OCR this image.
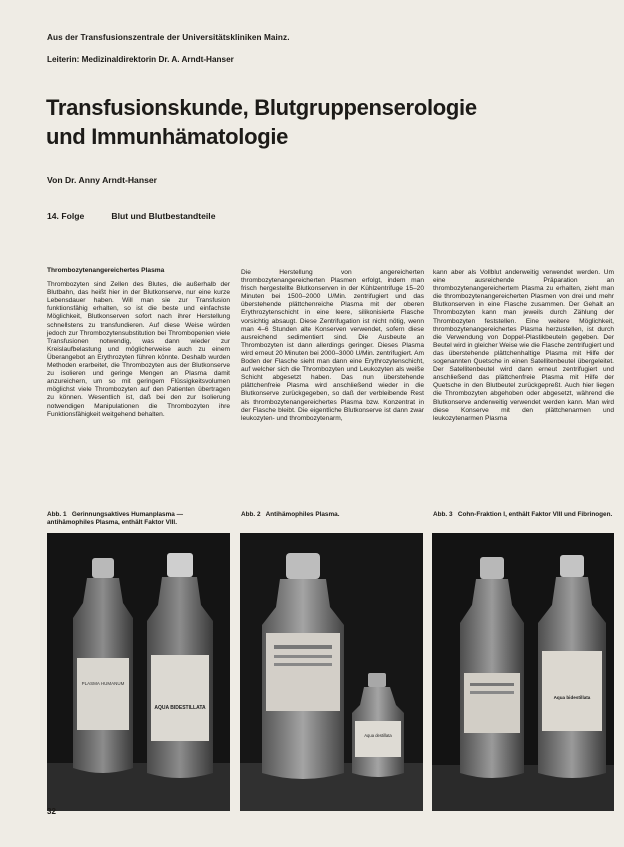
Aus der Transfusionszentrale der Universitätskliniken Mainz.
Leiterin: Medizinaldirektorin Dr. A. Arndt-Hanser
Transfusionskunde, Blutgruppenserologie
und Immunhämatologie
Von Dr. Anny Arndt-Hanser
14. Folge	Blut und Blutbestandteile

Thrombozytenangereichertes Plasma

Thrombozyten sind Zellen des Blutes, die außerhalb der Blutbahn, das heißt hier in der Blutkonserve, nur eine kurze Lebensdauer haben. Will man sie zur Transfusion funktionsfähig erhalten, so ist die beste und einfachste Möglichkeit, Blutkonserven sofort nach ihrer Herstellung schnellstens zu transfundieren. Auf diese Weise würden jedoch zur Thrombozytensubstitution bei Thrombopenien viele Transfusionen notwendig, was dann wieder zur Kreislaufbelastung und möglicherweise auch zu einem Überangebot an Erythrozyten führen könnte. Deshalb wurden Methoden erarbeitet, die Thrombozyten aus der Blutkonserve zu isolieren und geringe Mengen an Plasma damit anzureichern, um so mit geringem Flüssigkeitsvolumen möglichst viele Thrombozyten auf den Patienten übertragen zu können. Wesentlich ist, daß bei den zur Isolierung notwendigen Manipulationen die Thrombozyten ihre Funktionsfähigkeit weitgehend behalten.

Die Herstellung von angereicherten thrombozytenangereicherten Plasmen erfolgt, indem man frisch hergestellte Blutkonserven in der Kühlzentrifuge 15–20 Minuten bei 1500–2000 U/Min. zentrifugiert und das überstehende plättchenreiche Plasma mit der oberen Erythrozytenschicht in eine leere, silikonisierte Flasche vorsichtig absaugt. Diese Zentrifugation ist nicht nötig, wenn man 4–6 Stunden alte Konserven verwendet, sofern diese ausreichend sedimentiert sind. Die Ausbeute an Thrombozyten ist dann allerdings geringer. Dieses Plasma wird erneut 20 Minuten bei 2000–3000 U/Min. zentrifugiert. Am Boden der Flasche sieht man dann eine Erythrozytenschicht, auf welcher sich die Thrombozyten und Leukozyten als weiße Schicht abgesetzt haben. Das nun überstehende plättchenfreie Plasma wird anschließend wieder in die Blutkonserve zurückgegeben, so daß der verbleibende Rest als thrombozytenangereichertes Plasma bzw. Konzentrat in der Flasche bleibt. Die eigentliche Blutkonserve ist dann zwar leukozyten- und thrombozytenarm,

kann aber als Vollblut anderweitig verwendet werden. Um eine ausreichende Präparation an thrombozytenangereichertem Plasma zu erhalten, zieht man die thrombozytenangereicherten Plasmen von drei und mehr Blutkonserven in eine Flasche zusammen. Der Gehalt an Thrombozyten kann man jeweils durch Zählung der Thrombozyten feststellen. Eine weitere Möglichkeit, thrombozytenangereichertes Plasma herzustellen, ist durch die Verwendung von Doppel-Plastikbeuteln gegeben. Der Beutel wird in gleicher Weise wie die Flasche zentrifugiert und das überstehende plättchenhaltige Plasma mit Hilfe der sogenannten Quetsche in einen Satellitenbeutel übergeleitet. Der Satellitenbeutel wird dann erneut zentrifugiert und anschließend das plättchenfreie Plasma mit Hilfe der Quetsche in den Blutbeutel zurückgepreßt. Auch hier liegen die Thrombozyten abgehoben oder abgesetzt, während die Blutkonserve anderweitig verwendet werden kann. Man wird diese Konserve mit den plättchenarmen und leukozytenarmen Plasma

Abb. 1 Gerinnungsaktives Humanplasma — antihämophiles Plasma, enthält Faktor VIII.
Abb. 2 Antihämophiles Plasma.	Abb. 3 Cohn-Fraktion I, enthält Faktor VIII und Fibrinogen.
PLASMA HUMANUM
AQUA BIDESTILLATA
Aqua destillata
Aqua bidestillata
32
